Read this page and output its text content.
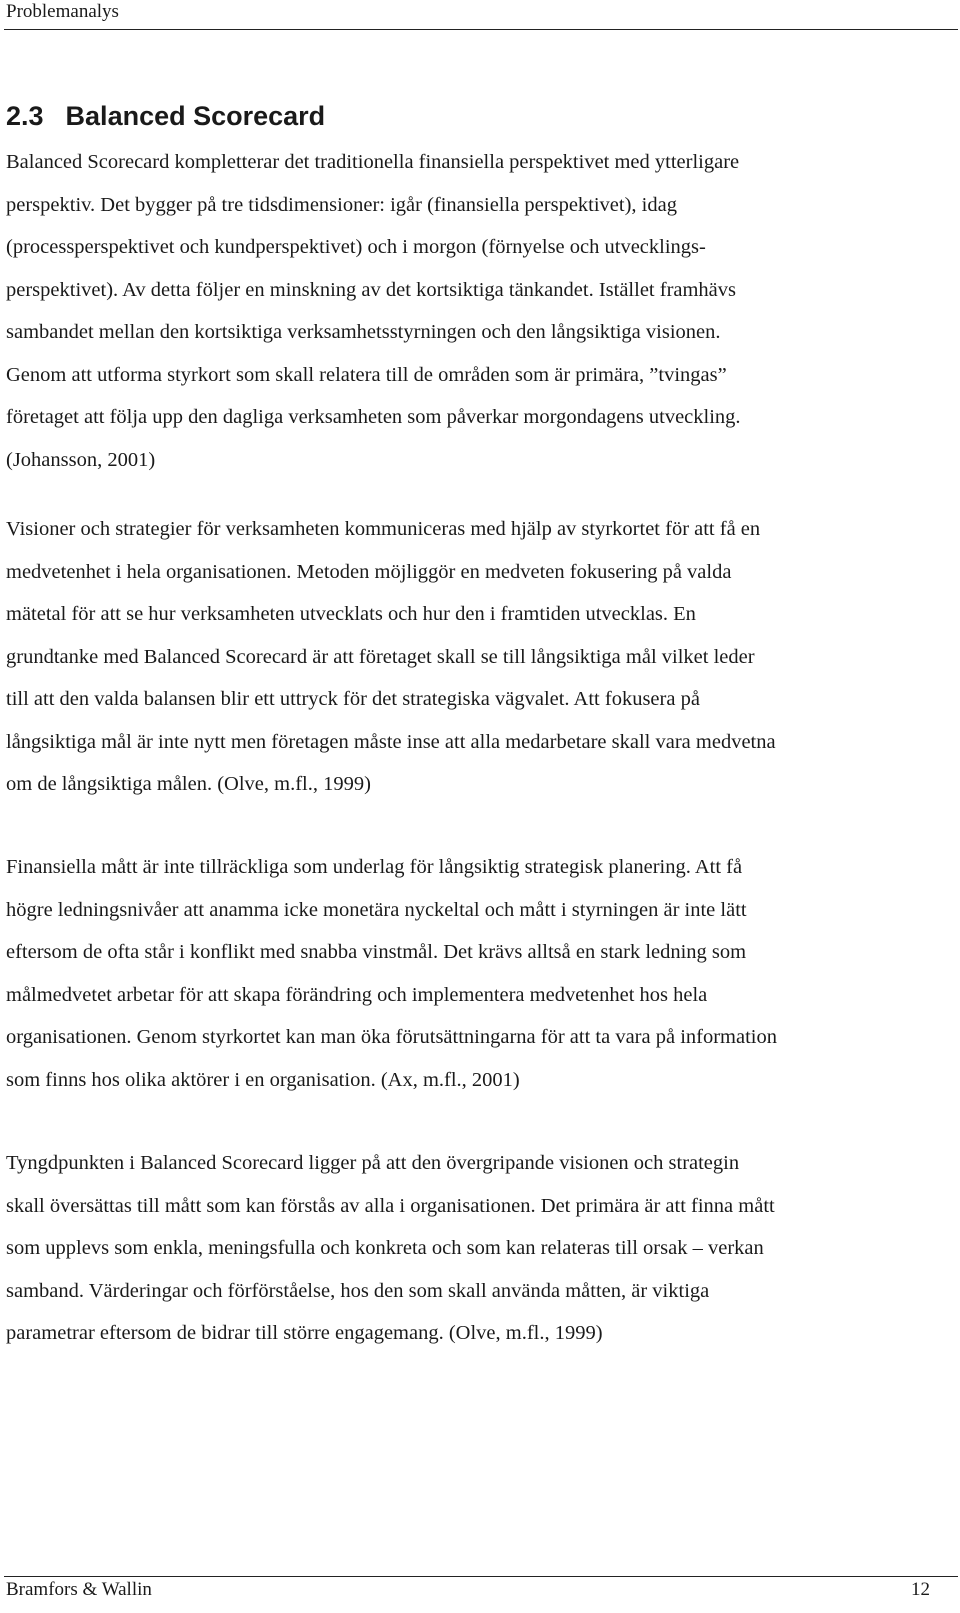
Problemanalys
2.3 Balanced Scorecard

Balanced Scorecard kompletterar det traditionella finansiella perspektivet med ytterligare
perspektiv. Det bygger på tre tidsdimensioner: igår (finansiella perspektivet), idag
(processperspektivet och kundperspektivet) och i morgon (förnyelse och utvecklings-
perspektivet). Av detta följer en minskning av det kortsiktiga tänkandet. Istället framhävs
sambandet mellan den kortsiktiga verksamhetsstyrningen och den långsiktiga visionen.
Genom att utforma styrkort som skall relatera till de områden som är primära, ”tvingas”
företaget att följa upp den dagliga verksamheten som påverkar morgondagens utveckling.
(Johansson, 2001)

Visioner och strategier för verksamheten kommuniceras med hjälp av styrkortet för att få en
medvetenhet i hela organisationen. Metoden möjliggör en medveten fokusering på valda
mätetal för att se hur verksamheten utvecklats och hur den i framtiden utvecklas. En
grundtanke med Balanced Scorecard är att företaget skall se till långsiktiga mål vilket leder
till att den valda balansen blir ett uttryck för det strategiska vägvalet. Att fokusera på
långsiktiga mål är inte nytt men företagen måste inse att alla medarbetare skall vara medvetna
om de långsiktiga målen. (Olve, m.fl., 1999)

Finansiella mått är inte tillräckliga som underlag för långsiktig strategisk planering. Att få
högre ledningsnivåer att anamma icke monetära nyckeltal och mått i styrningen är inte lätt
eftersom de ofta står i konflikt med snabba vinstmål. Det krävs alltså en stark ledning som
målmedvetet arbetar för att skapa förändring och implementera medvetenhet hos hela
organisationen. Genom styrkortet kan man öka förutsättningarna för att ta vara på information
som finns hos olika aktörer i en organisation. (Ax, m.fl., 2001)

Tyngdpunkten i Balanced Scorecard ligger på att den övergripande visionen och strategin
skall översättas till mått som kan förstås av alla i organisationen. Det primära är att finna mått
som upplevs som enkla, meningsfulla och konkreta och som kan relateras till orsak – verkan
samband. Värderingar och förförståelse, hos den som skall använda måtten, är viktiga
parametrar eftersom de bidrar till större engagemang. (Olve, m.fl., 1999)

Bramfors & Wallin	12
